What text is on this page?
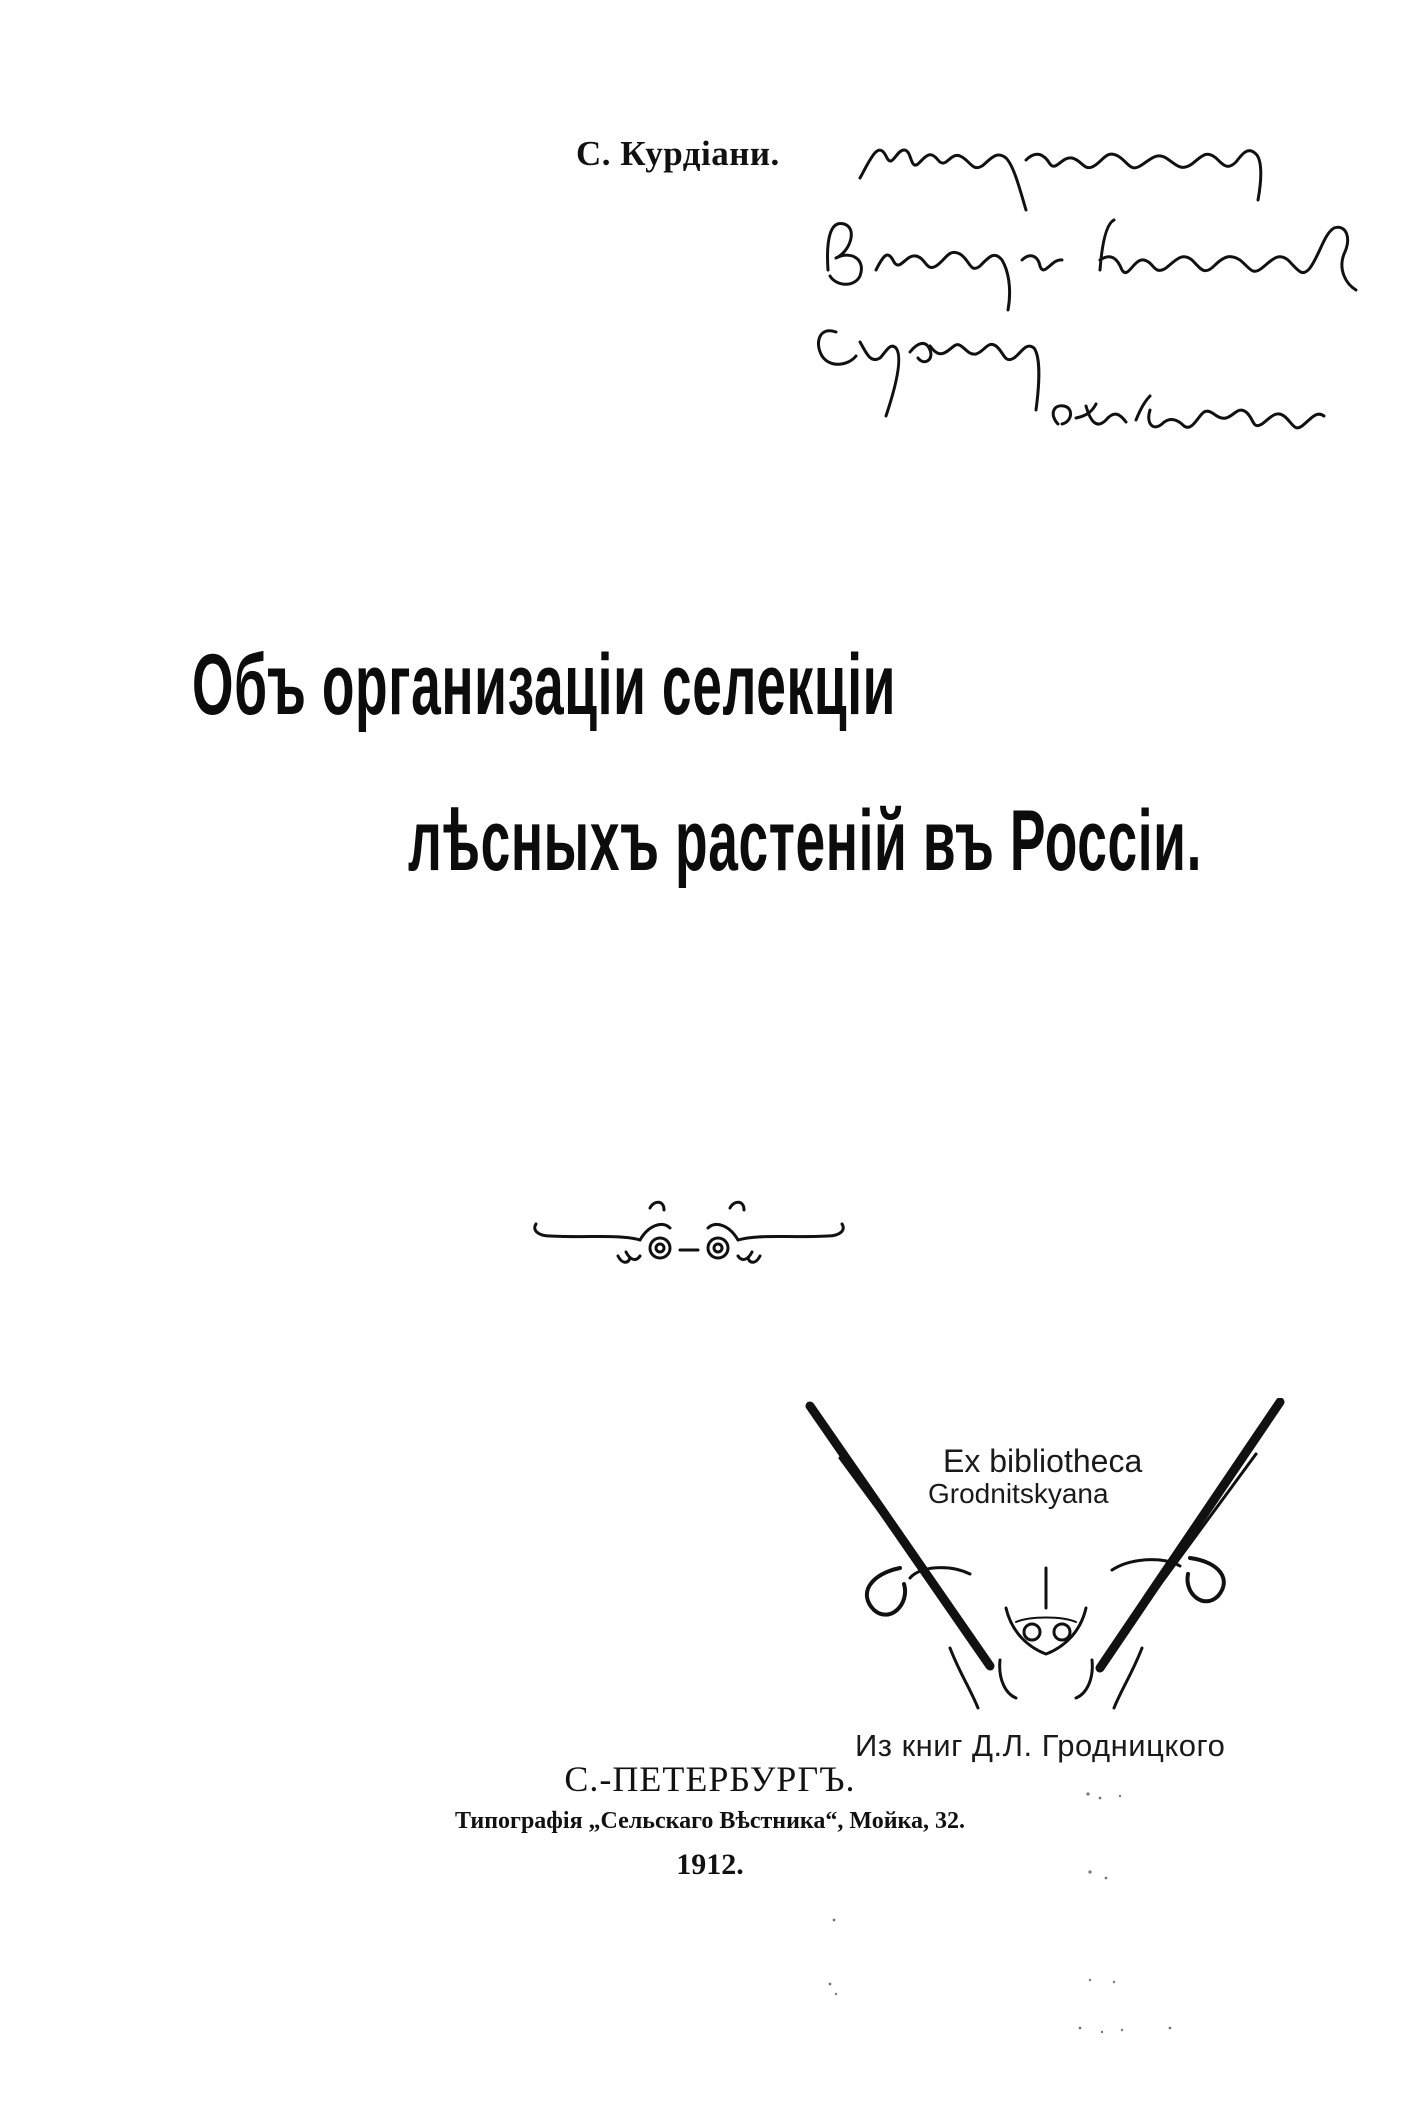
С. Курдiани.
Объ организацiи селекцiи
лѣсныхъ растенiй въ Россiи.
Ex bibliotheca
Grodnitskyana
Из книг Д.Л. Гродницкого
С.-ПЕТЕРБУРГЪ.
Типографiя „Сельскаго Вѣстника“, Мойка, 32.
1912.
